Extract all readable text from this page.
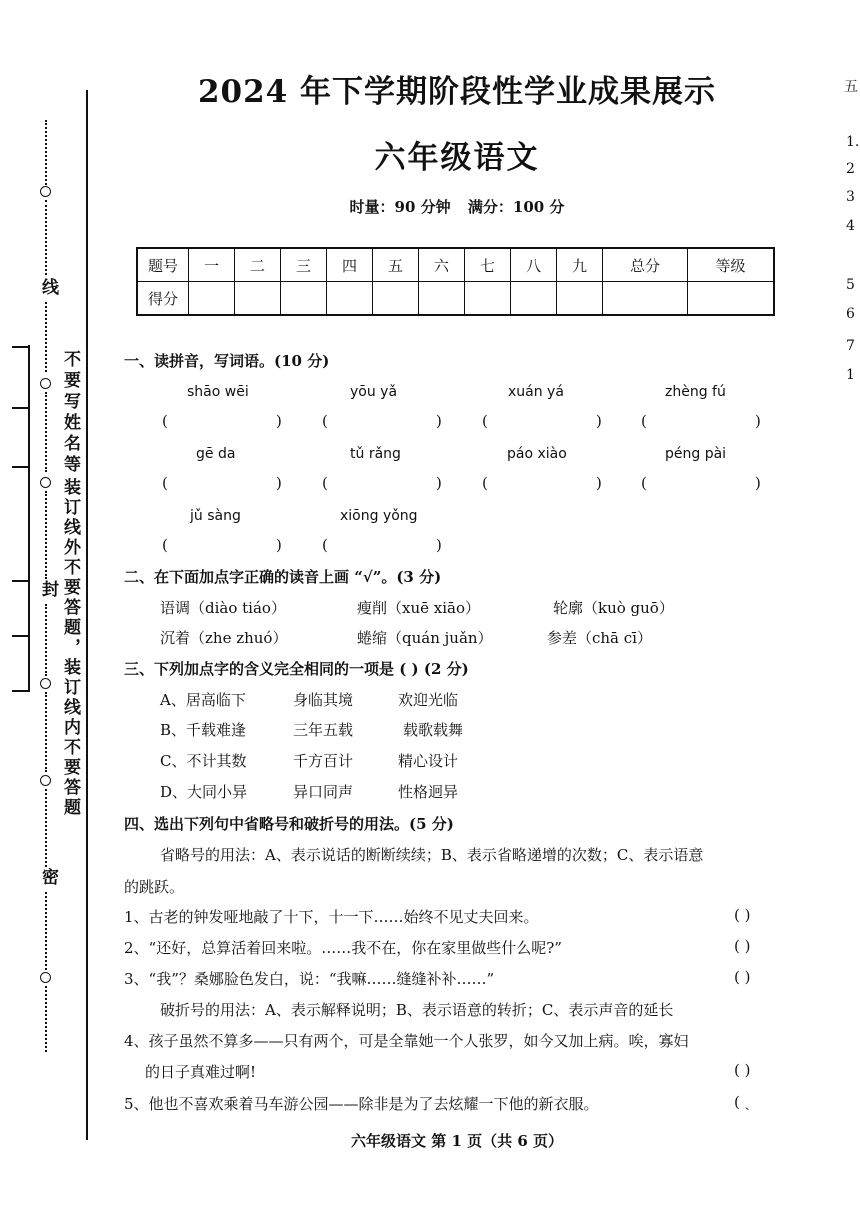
线
封
密
不要写姓名等
装订线外不要答题，装订线内不要答题
2024 年下学期阶段性学业成果展示
六年级语文
时量：90 分钟 满分：100 分
题号	一	二	三	四	五	六	七	八	九	总分	等级
得分											
一、读拼音，写词语。(10 分)
shāo wēi	yōu yǎ	xuán yá	zhèng fú
(	)	(	)	(	)	(	)
gē da	tǔ rǎng	páo xiào	péng pài
(	)	(	)	(	)	(	)
jǔ sàng	xiōng yǒng
(	)	(	)
二、在下面加点字正确的读音上画 “√”。(3 分)
语调（diào tiáo）	瘦削（xuē xiāo）	轮廓（kuò guō）
沉着（zhe zhuó）	蜷缩（quán juǎn）	参差（chā cī）
三、下列加点字的含义完全相同的一项是 ( ) (2 分)
A、居高临下	身临其境	欢迎光临
B、千载难逢	三年五载	载歌载舞
C、不计其数	千方百计	精心设计
D、大同小异	异口同声	性格迥异
四、选出下列句中省略号和破折号的用法。(5 分)
省略号的用法：A、表示说话的断断续续；B、表示省略递增的次数；C、表示语意
的跳跃。
1、古老的钟发哑地敲了十下，十一下……始终不见丈夫回来。	( )
2、“还好，总算活着回来啦。……我不在，你在家里做些什么呢?”	( )
3、“我”？桑娜脸色发白，说：“我嘛……缝缝补补……”	( )
破折号的用法：A、表示解释说明；B、表示语意的转折；C、表示声音的延长
4、孩子虽然不算多——只有两个，可是全靠她一个人张罗，如今又加上病。唉，寡妇
的日子真难过啊!	( )
5、他也不喜欢乘着马车游公园——除非是为了去炫耀一下他的新衣服。	( ˎ
六年级语文 第 1 页（共 6 页）
五
1.
2
3
4
5
6
7
1
